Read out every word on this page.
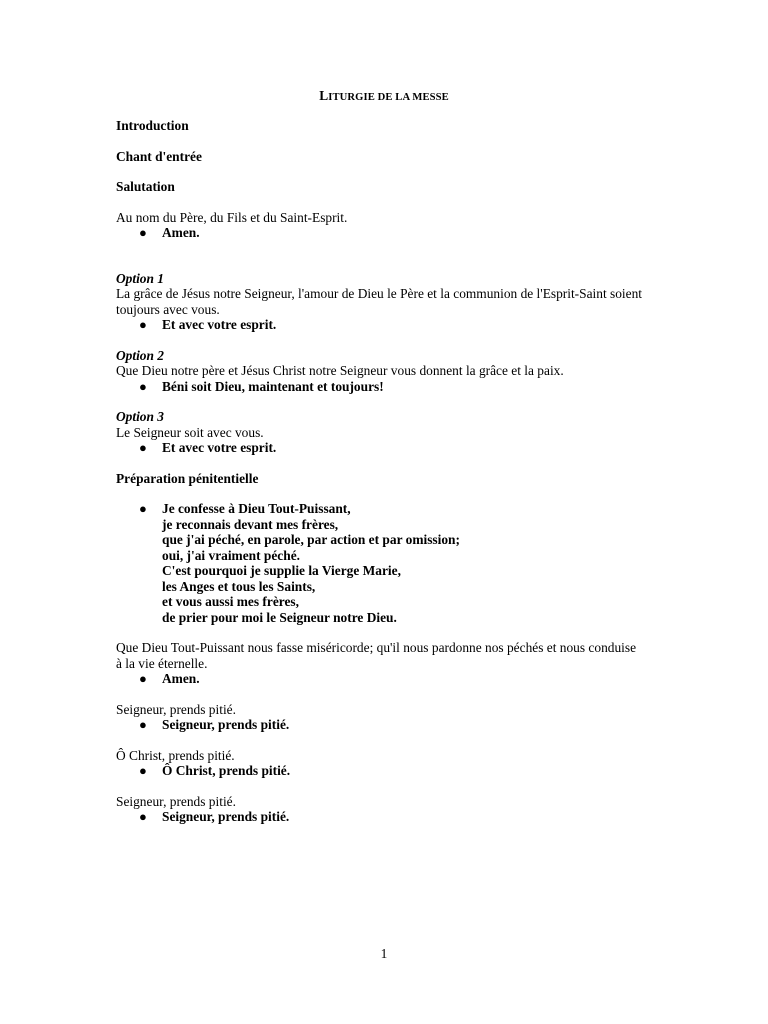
LITURGIE DE LA MESSE

Introduction

Chant d'entrée

Salutation

Au nom du Père, du Fils et du Saint-Esprit.

● Amen.

Option 1

La grâce de Jésus notre Seigneur, l'amour de Dieu le Père et la communion de l'Esprit-Saint soient

toujours avec vous.

● Et avec votre esprit.

Option 2

Que Dieu notre père et Jésus Christ notre Seigneur vous donnent la grâce et la paix.

● Béni soit Dieu, maintenant et toujours!

Option 3

Le Seigneur soit avec vous.

● Et avec votre esprit.

Préparation pénitentielle

● Je confesse à Dieu Tout-Puissant,
je reconnais devant mes frères,
que j'ai péché, en parole, par action et par omission;
oui, j'ai vraiment péché.
C'est pourquoi je supplie la Vierge Marie,
les Anges et tous les Saints,
et vous aussi mes frères,
de prier pour moi le Seigneur notre Dieu.

Que Dieu Tout-Puissant nous fasse miséricorde; qu'il nous pardonne nos péchés et nous conduise

à la vie éternelle.

● Amen.

Seigneur, prends pitié.

● Seigneur, prends pitié.

Ô Christ, prends pitié.

● Ô Christ, prends pitié.

Seigneur, prends pitié.

● Seigneur, prends pitié.
1
